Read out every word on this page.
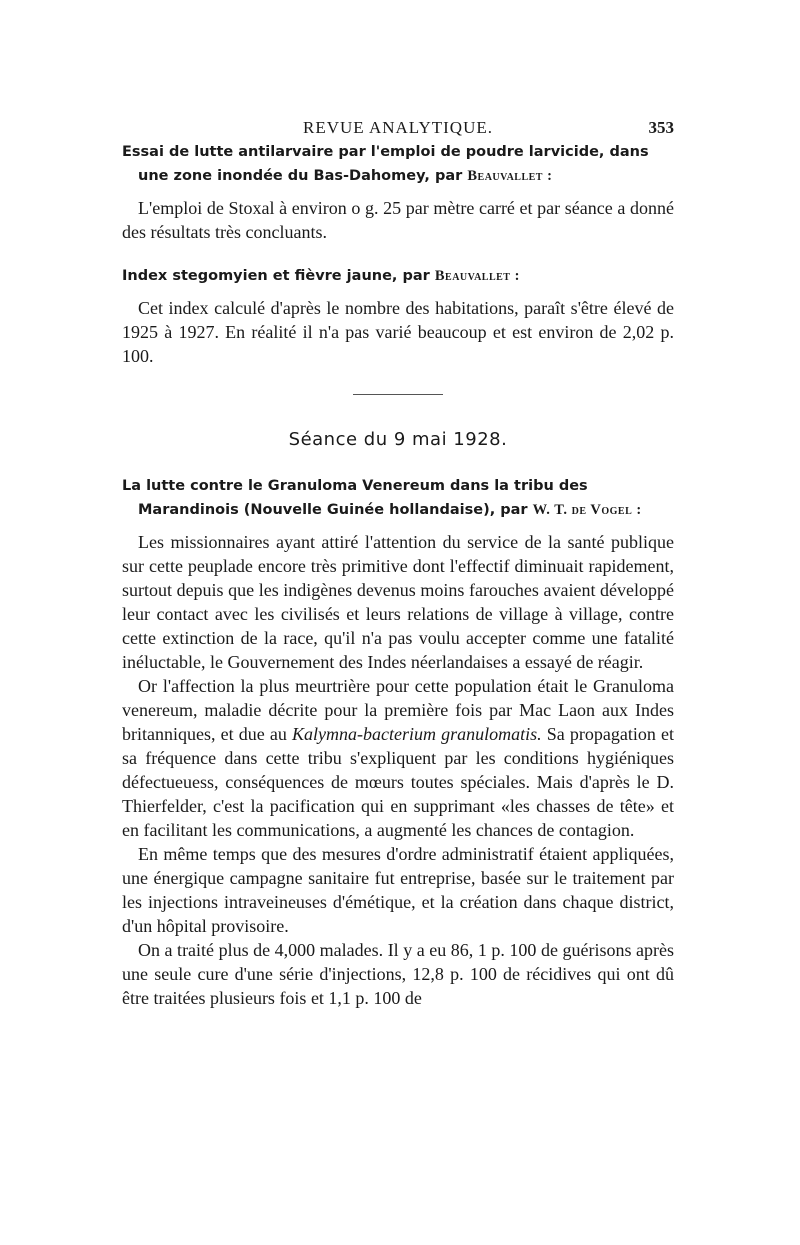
REVUE ANALYTIQUE.	353

Essai de lutte antilarvaire par l'emploi de poudre larvicide, dans une zone inondée du Bas-Dahomey, par Beauvallet :

L'emploi de Stoxal à environ o g. 25 par mètre carré et par séance a donné des résultats très concluants.

Index stegomyien et fièvre jaune, par Beauvallet :

Cet index calculé d'après le nombre des habitations, paraît s'être élevé de 1925 à 1927. En réalité il n'a pas varié beaucoup et est environ de 2,02 p. 100.

Séance du 9 mai 1928.

La lutte contre le Granuloma Venereum dans la tribu des Marandinois (Nouvelle Guinée hollandaise), par W. T. de Vogel :

Les missionnaires ayant attiré l'attention du service de la santé publique sur cette peuplade encore très primitive dont l'effectif diminuait rapidement, surtout depuis que les indigènes devenus moins farouches avaient développé leur contact avec les civilisés et leurs relations de village à village, contre cette extinction de la race, qu'il n'a pas voulu accepter comme une fatalité inéluctable, le Gouvernement des Indes néerlandaises a essayé de réagir.

Or l'affection la plus meurtrière pour cette population était le Granuloma venereum, maladie décrite pour la première fois par Mac Laon aux Indes britanniques, et due au Kalymna-bacterium granulomatis. Sa propagation et sa fréquence dans cette tribu s'expliquent par les conditions hygiéniques défectueuess, conséquences de mœurs toutes spéciales. Mais d'après le D. Thierfelder, c'est la pacification qui en supprimant «les chasses de tête» et en facilitant les communications, a augmenté les chances de contagion.

En même temps que des mesures d'ordre administratif étaient appliquées, une énergique campagne sanitaire fut entreprise, basée sur le traitement par les injections intraveineuses d'émétique, et la création dans chaque district, d'un hôpital provisoire.

On a traité plus de 4,000 malades. Il y a eu 86, 1 p. 100 de guérisons après une seule cure d'une série d'injections, 12,8 p. 100 de récidives qui ont dû être traitées plusieurs fois et 1,1 p. 100 de
